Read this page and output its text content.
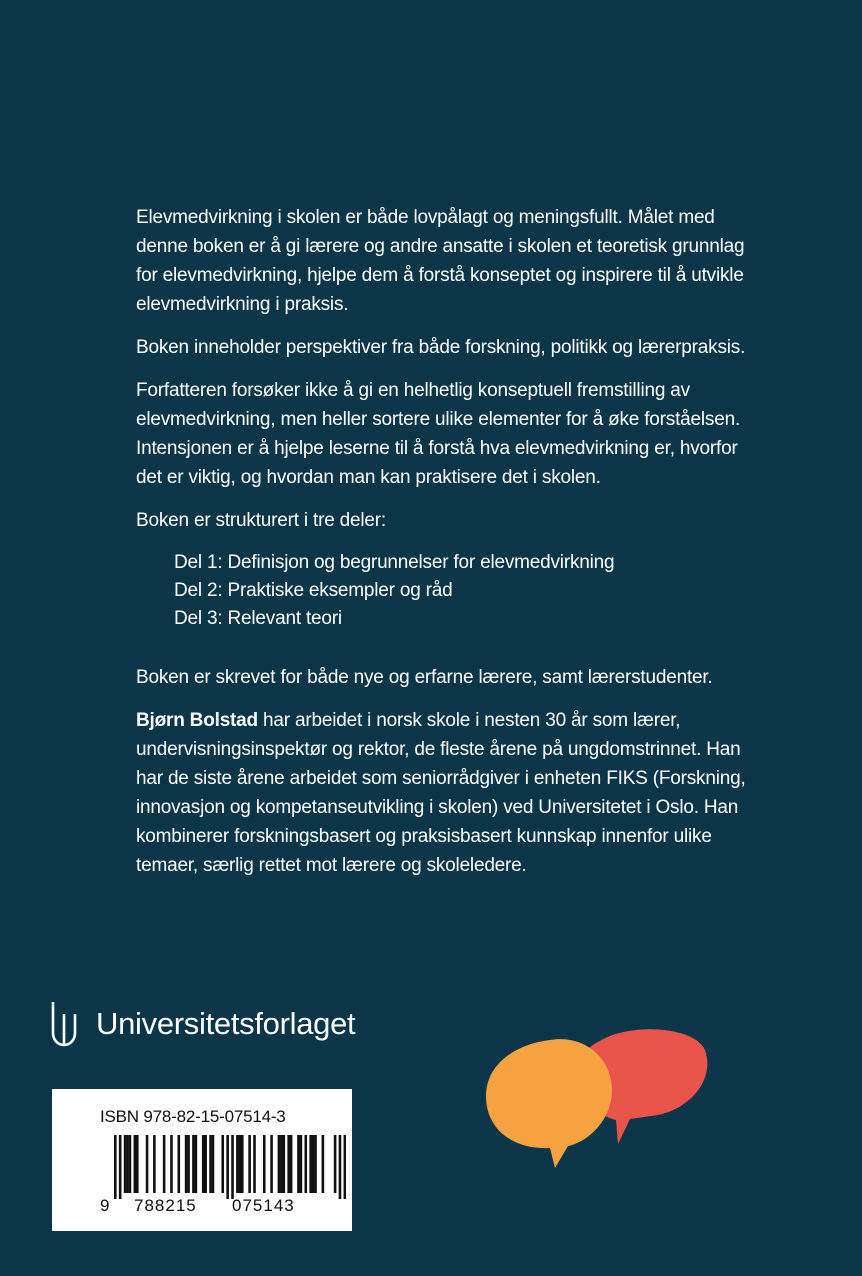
Elevmedvirkning i skolen er både lovpålagt og meningsfullt. Målet med denne boken er å gi lærere og andre ansatte i skolen et teoretisk grunnlag for elevmedvirkning, hjelpe dem å forstå konseptet og inspirere til å utvikle elevmedvirkning i praksis.

Boken inneholder perspektiver fra både forskning, politikk og lærerpraksis.

Forfatteren forsøker ikke å gi en helhetlig konseptuell fremstilling av elevmedvirkning, men heller sortere ulike elementer for å øke forståelsen. Intensjonen er å hjelpe leserne til å forstå hva elevmedvirkning er, hvorfor det er viktig, og hvordan man kan praktisere det i skolen.

Boken er strukturert i tre deler:

Del 1: Definisjon og begrunnelser for elevmedvirkning
Del 2: Praktiske eksempler og råd
Del 3: Relevant teori

Boken er skrevet for både nye og erfarne lærere, samt lærerstudenter.

Bjørn Bolstad har arbeidet i norsk skole i nesten 30 år som lærer, undervisningsinspektør og rektor, de fleste årene på ungdomstrinnet. Han har de siste årene arbeidet som seniorrådgiver i enheten FIKS (Forskning, innovasjon og kompetanseutvikling i skolen) ved Universitetet i Oslo. Han kombinerer forskningsbasert og praksisbasert kunnskap innenfor ulike temaer, særlig rettet mot lærere og skoleledere.

Universitetsforlaget
ISBN 978-82-15-07514-3
9 788215 075143
